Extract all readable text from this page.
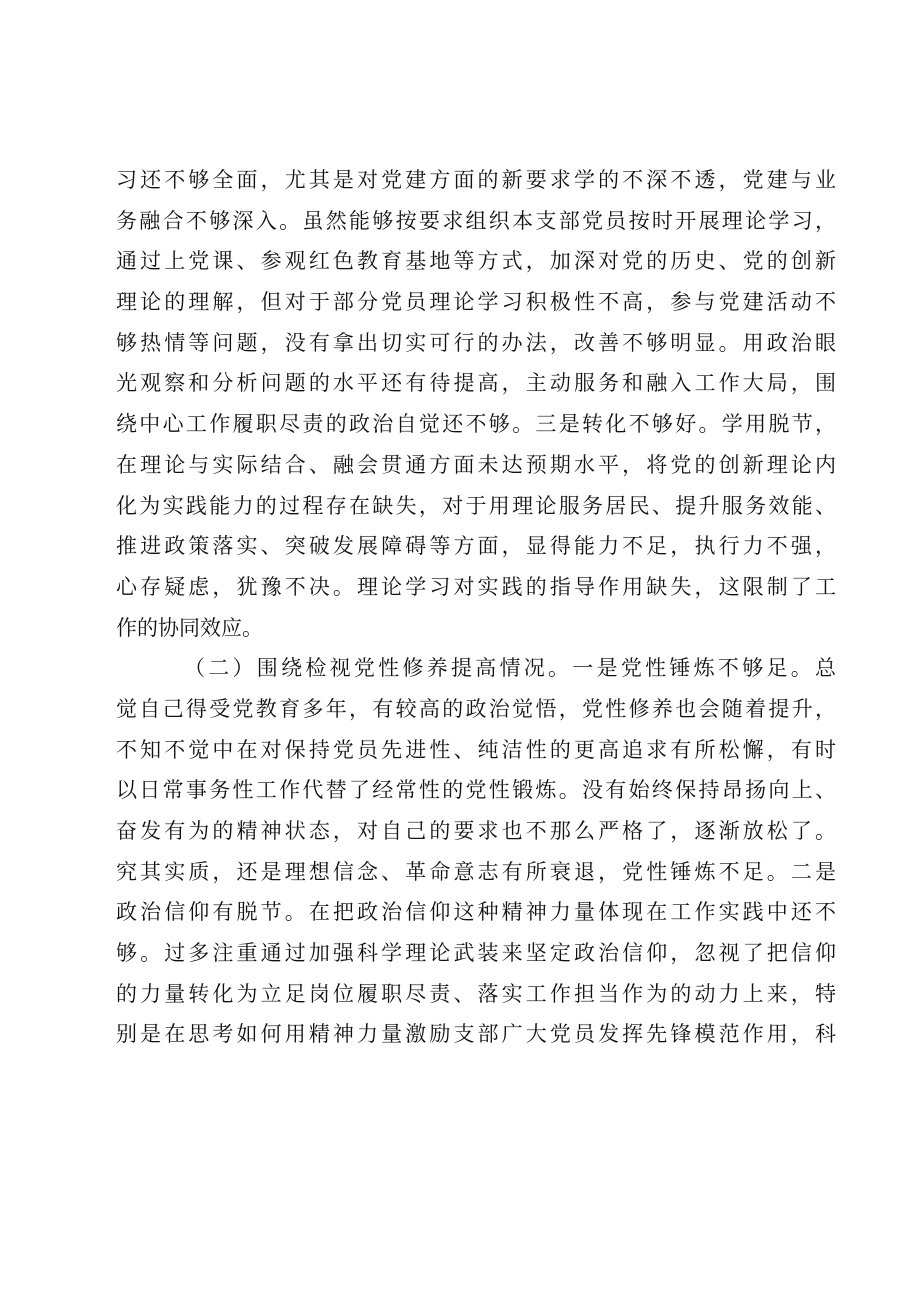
习还不够全面，尤其是对党建方面的新要求学的不深不透，党建与业
务融合不够深入。虽然能够按要求组织本支部党员按时开展理论学习，
通过上党课、参观红色教育基地等方式，加深对党的历史、党的创新
理论的理解，但对于部分党员理论学习积极性不高，参与党建活动不
够热情等问题，没有拿出切实可行的办法，改善不够明显。用政治眼
光观察和分析问题的水平还有待提高，主动服务和融入工作大局，围
绕中心工作履职尽责的政治自觉还不够。三是转化不够好。学用脱节，
在理论与实际结合、融会贯通方面未达预期水平，将党的创新理论内
化为实践能力的过程存在缺失，对于用理论服务居民、提升服务效能、
推进政策落实、突破发展障碍等方面，显得能力不足，执行力不强，
心存疑虑，犹豫不决。理论学习对实践的指导作用缺失，这限制了工
作的协同效应。
（二）围绕检视党性修养提高情况。一是党性锤炼不够足。总
觉自己得受党教育多年，有较高的政治觉悟，党性修养也会随着提升，
不知不觉中在对保持党员先进性、纯洁性的更高追求有所松懈，有时
以日常事务性工作代替了经常性的党性锻炼。没有始终保持昂扬向上、
奋发有为的精神状态，对自己的要求也不那么严格了，逐渐放松了。
究其实质，还是理想信念、革命意志有所衰退，党性锤炼不足。二是
政治信仰有脱节。在把政治信仰这种精神力量体现在工作实践中还不
够。过多注重通过加强科学理论武装来坚定政治信仰，忽视了把信仰
的力量转化为立足岗位履职尽责、落实工作担当作为的动力上来，特
别是在思考如何用精神力量激励支部广大党员发挥先锋模范作用，科
